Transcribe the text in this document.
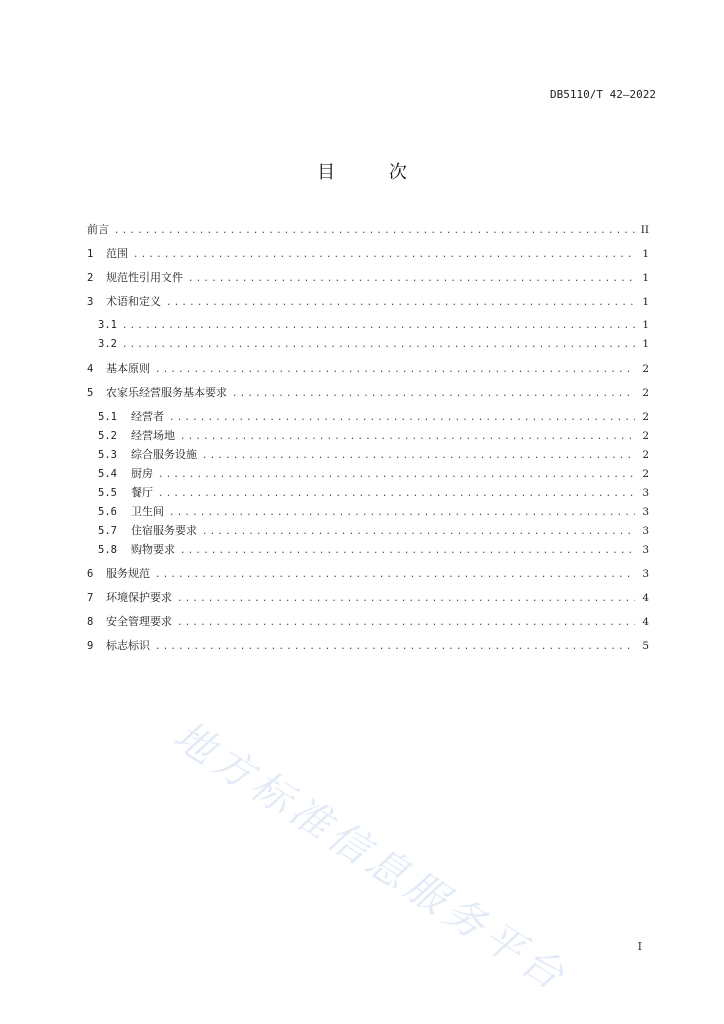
DB5110/T 42—2022
目 次
前言 .....	II
1	范围 .....	1
2	规范性引用文件 .....	1
3	术语和定义 .....	1
3.1 .....	1
3.2 .....	1
4	基本原则 .....	2
5	农家乐经营服务基本要求 .....	2
5.1	经营者 .....	2
5.2	经营场地 .....	2
5.3	综合服务设施 .....	2
5.4	厨房 .....	2
5.5	餐厅 .....	3
5.6	卫生间 .....	3
5.7	住宿服务要求 .....	3
5.8	购物要求 .....	3
6	服务规范 .....	3
7	环境保护要求 .....	4
8	安全管理要求 .....	4
9	标志标识 .....	5
地方标准信息服务平台	I
